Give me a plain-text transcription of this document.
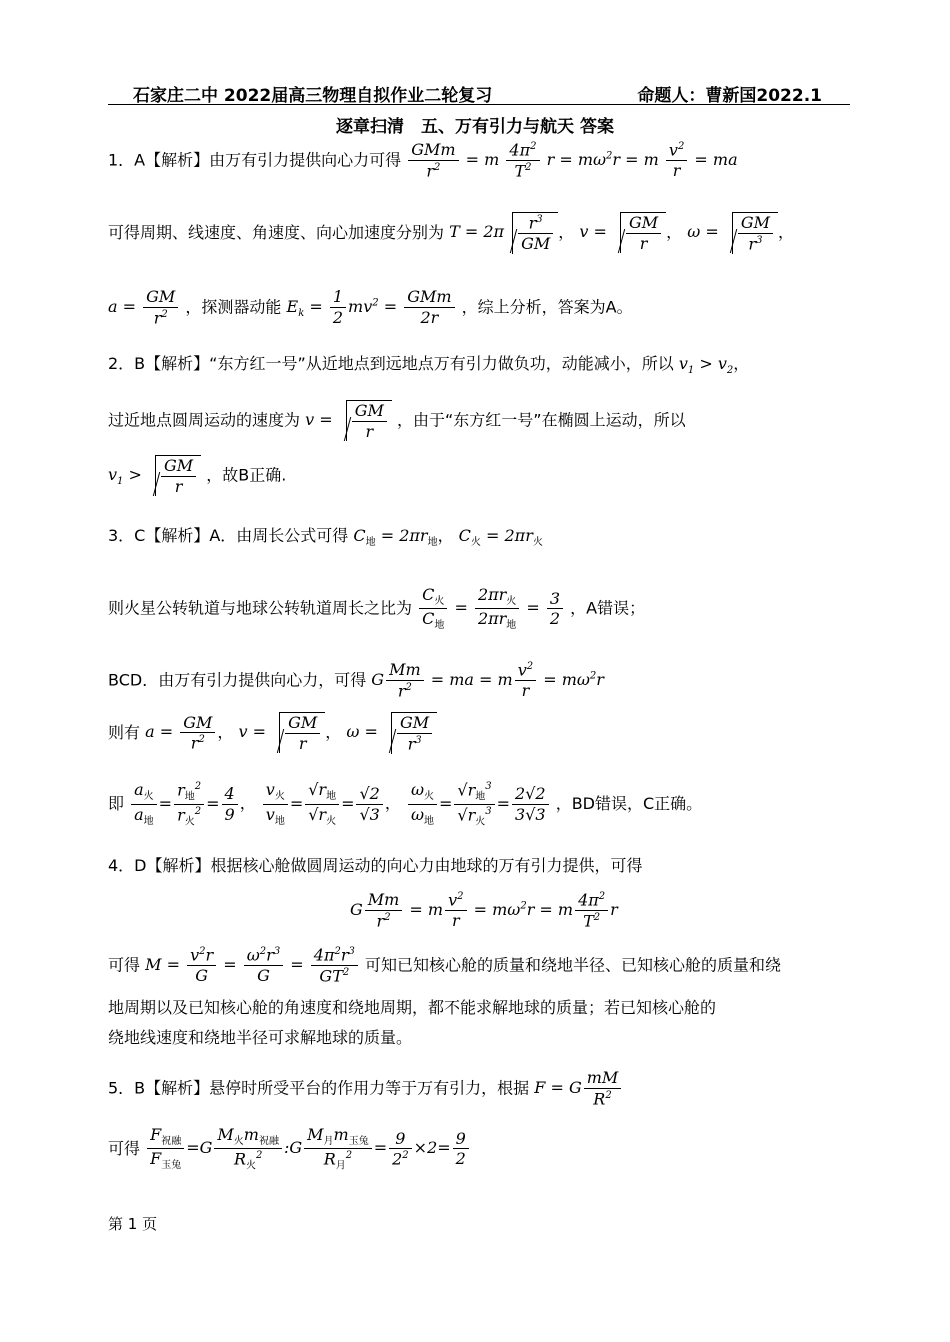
石家庄二中 2022届高三物理自拟作业二轮复习	命题人：曹新国2022.1
逐章扫清　五、万有引力与航天 答案
1．A【解析】由万有引力提供向心力可得 $\frac{\text{GMm}}{r^2} = m \frac{4\pi^2}{T^2}$ $r = m\omega^2r = m \frac{v^2}{r}$ = ma
可得周期、线速度、角速度、向心加速度分别为 $T = 2\pi \frac{r^3}{GM}$ ， $v = \frac{GM}{r}$ ， $\omega = \frac{GM}{r^3}$ ，
$a = \frac{GM}{r^2}$ ，探测器动能 $E_k = \frac{1}{2} mv^2 = \frac{\text{GMm}}{2r}$ ，综上分析，答案为A。
2．B【解析】“东方红一号”从近地点到远地点万有引力做负功，动能减小，所以 $v_1 > v_2$，
过近地点圆周运动的速度为 $v = \frac{GM}{r}$ ，由于“东方红一号”在椭圆上运动，所以
$v_1 > \frac{GM}{r}$ ，故B正确.
3．C【解析】A．由周长公式可得 $C_地 = 2\pi r_地$， $C_火 = 2\pi r_火$
则火星公转轨道与地球公转轨道周长之比为 $\frac{C_火}{C_地} = \frac{2\pi r_火}{2\pi r_地} = \frac{3}{2}$ ，A错误；
BCD．由万有引力提供向心力，可得 G $\frac{Mm}{r^2}$ = ma = m $\frac{v^2}{r} = m\omega^2r$
则有 $a = \frac{GM}{r^2}$ ， $v = \frac{GM}{r}$ ， $\omega = \frac{GM}{r^3}$
即 $\frac{a_火}{a_地} = \frac{r_地^2}{r_火^2} = \frac{4}{9}$ ， $\frac{v_火}{v_地} = \frac{√r_地}{√r_火} = \frac{√2}{√3}$ ， $\frac{\omega_火}{\omega_地} = \frac{√r_地^3}{√r_火^3} = \frac{2√2}{3√3}$ ，BD错误，C正确。
4．D【解析】根据核心舱做圆周运动的向心力由地球的万有引力提供，可得
G $\frac{Mm}{r^2} = m \frac{v^2}{r} = m\omega^2r = m \frac{4\pi^2}{T^2}$ r
可得 $M = \frac{v^2r}{G} = \frac{\omega^2r^3}{G} = \frac{4\pi^2r^3}{GT^2}$ 可知已知核心舱的质量和绕地半径、已知核心舱的质量和绕
地周期以及已知核心舱的角速度和绕地周期，都不能求解地球的质量；若已知核心舱的
绕地线速度和绕地半径可求解地球的质量。
5．B【解析】悬停时所受平台的作用力等于万有引力，根据 F = G $\frac{mM}{R^2}$
可得 $\frac{F_{祝融}}{F_{玉兔}} =G \frac{M_火m_{祝融}}{R_火^2}$ :G $\frac{M_月m_{玉兔}}{R_月^2} = \frac{9}{2^2} \times 2= \frac{9}{2}$
第 1 页
